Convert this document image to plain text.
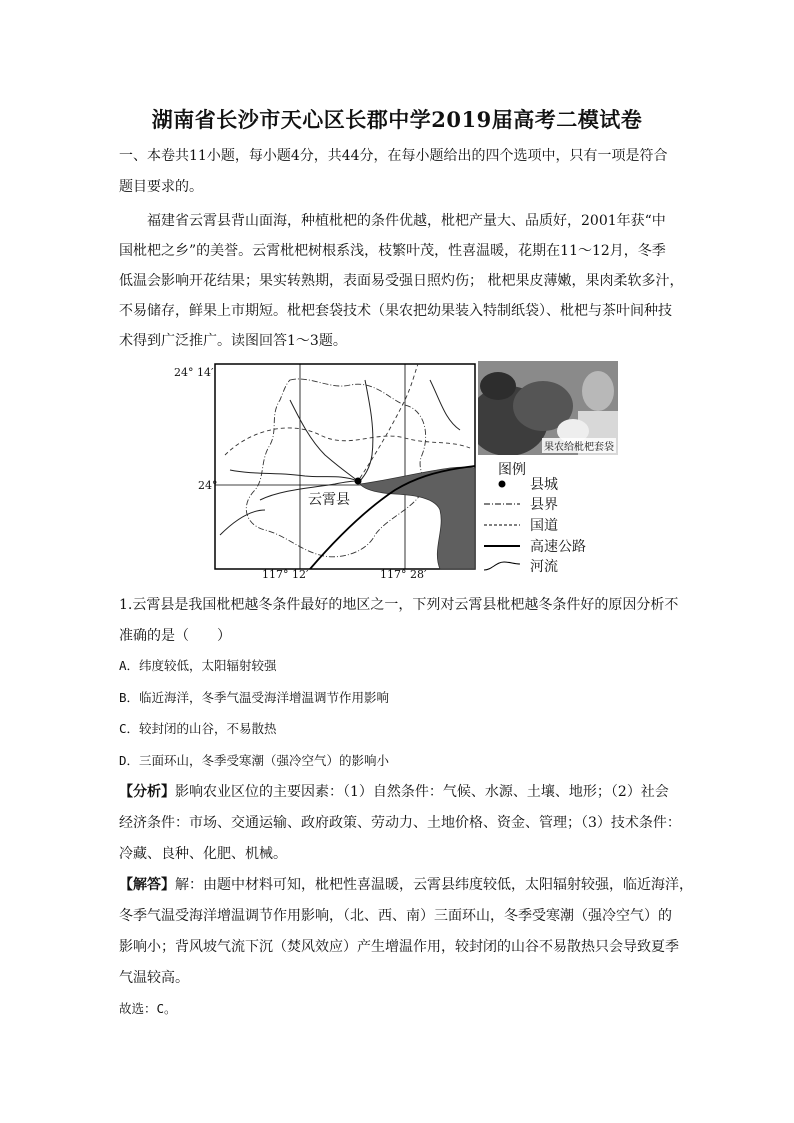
湖南省长沙市天心区长郡中学2019届高考二模试卷
一、本卷共11小题，每小题4分，共44分，在每小题给出的四个选项中，只有一项是符合
题目要求的。
福建省云霄县背山面海，种植枇杷的条件优越，枇杷产量大、品质好，2001年获“中
国枇杷之乡”的美誉。云霄枇杷树根系浅，枝繁叶茂，性喜温暖，花期在11～12月，冬季
低温会影响开花结果；果实转熟期，表面易受强日照灼伤； 枇杷果皮薄嫩，果肉柔软多汁，
不易储存，鲜果上市期短。枇杷套袋技术（果农把幼果装入特制纸袋）、枇杷与茶叶间种技
术得到广泛推广。读图回答1～3题。
24° 14′
24°
117° 12′	117° 28′
云霄县
果农给枇杷套袋
图例
县城
县界
国道
高速公路
河流
1.云霄县是我国枇杷越冬条件最好的地区之一，下列对云霄县枇杷越冬条件好的原因分析不
准确的是（　　）
A．纬度较低，太阳辐射较强
B．临近海洋，冬季气温受海洋增温调节作用影响
C．较封闭的山谷，不易散热
D．三面环山，冬季受寒潮（强冷空气）的影响小
【分析】影响农业区位的主要因素：（1）自然条件：气候、水源、土壤、地形；（2）社会
经济条件：市场、交通运输、政府政策、劳动力、土地价格、资金、管理；（3）技术条件：
冷藏、良种、化肥、机械。
【解答】解：由题中材料可知，枇杷性喜温暖，云霄县纬度较低，太阳辐射较强，临近海洋，
冬季气温受海洋增温调节作用影响，（北、西、南）三面环山，冬季受寒潮（强冷空气）的
影响小；背风坡气流下沉（焚风效应）产生增温作用，较封闭的山谷不易散热只会导致夏季
气温较高。
故选：C。
